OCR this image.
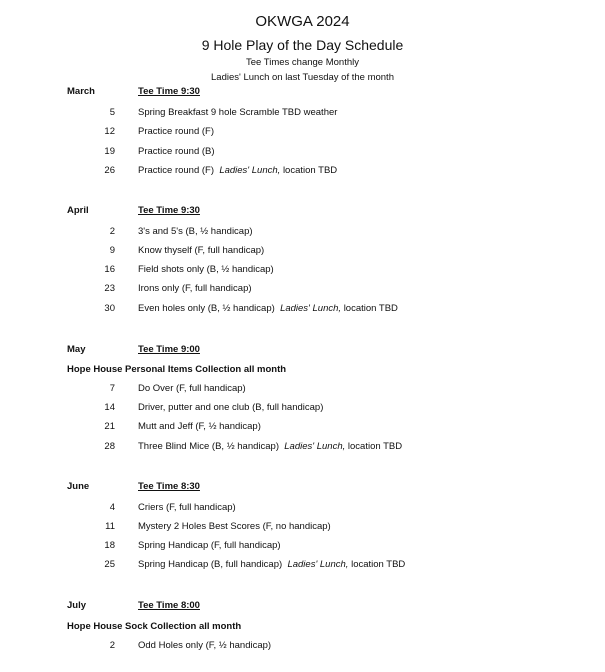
OKWGA 2024
9 Hole Play of the Day Schedule
Tee Times change Monthly
Ladies' Lunch on last Tuesday of the month
March	Tee Time 9:30
5 Spring Breakfast 9 hole Scramble TBD weather
12 Practice round (F)
19 Practice round (B)
26 Practice round (F) Ladies' Lunch, location TBD
April	Tee Time 9:30
2 3's and 5's (B, ½ handicap)
9 Know thyself (F, full handicap)
16 Field shots only (B, ½ handicap)
23 Irons only (F, full handicap)
30 Even holes only (B, ½ handicap) Ladies' Lunch, location TBD
May	Tee Time 9:00
Hope House Personal Items Collection all month
7 Do Over (F, full handicap)
14 Driver, putter and one club (B, full handicap)
21 Mutt and Jeff (F, ½ handicap)
28 Three Blind Mice (B, ½ handicap) Ladies' Lunch, location TBD
June	Tee Time 8:30
4 Criers (F, full handicap)
11 Mystery 2 Holes Best Scores (F, no handicap)
18 Spring Handicap (F, full handicap)
25 Spring Handicap (B, full handicap) Ladies' Lunch, location TBD
July	Tee Time 8:00
Hope House Sock Collection all month
2 Odd Holes only (F, ½ handicap)
